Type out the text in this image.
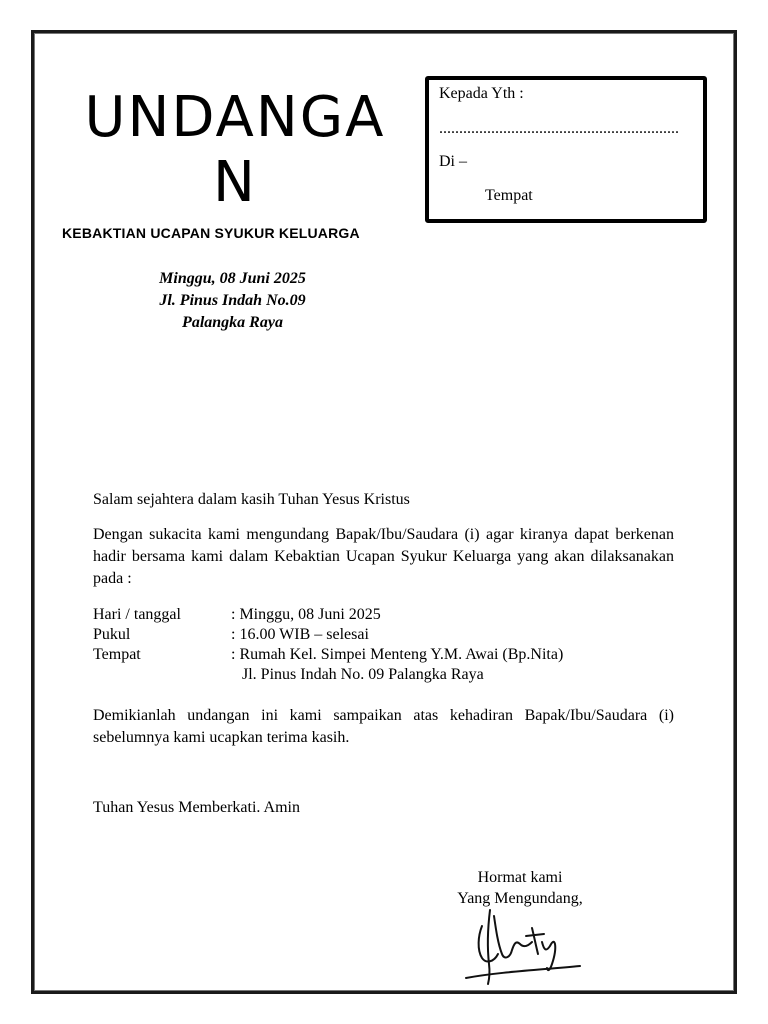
UNDANGAN
KEBAKTIAN UCAPAN SYUKUR KELUARGA
Minggu, 08 Juni 2025
Jl. Pinus Indah No.09
Palangka Raya
Kepada Yth :
............................................................
Di –
Tempat
Salam sejahtera dalam kasih Tuhan Yesus Kristus
Dengan sukacita kami mengundang Bapak/Ibu/Saudara (i) agar kiranya dapat berkenan hadir bersama kami dalam Kebaktian Ucapan Syukur Keluarga yang akan dilaksanakan pada :
Hari / tanggal	: Minggu, 08 Juni 2025
Pukul	: 16.00 WIB – selesai
Tempat	: Rumah Kel. Simpei Menteng Y.M. Awai (Bp.Nita)
Jl. Pinus Indah No. 09 Palangka Raya
Demikianlah undangan ini kami sampaikan atas kehadiran Bapak/Ibu/Saudara (i) sebelumnya kami ucapkan terima kasih.
Tuhan Yesus Memberkati. Amin
Hormat kami
Yang Mengundang,
